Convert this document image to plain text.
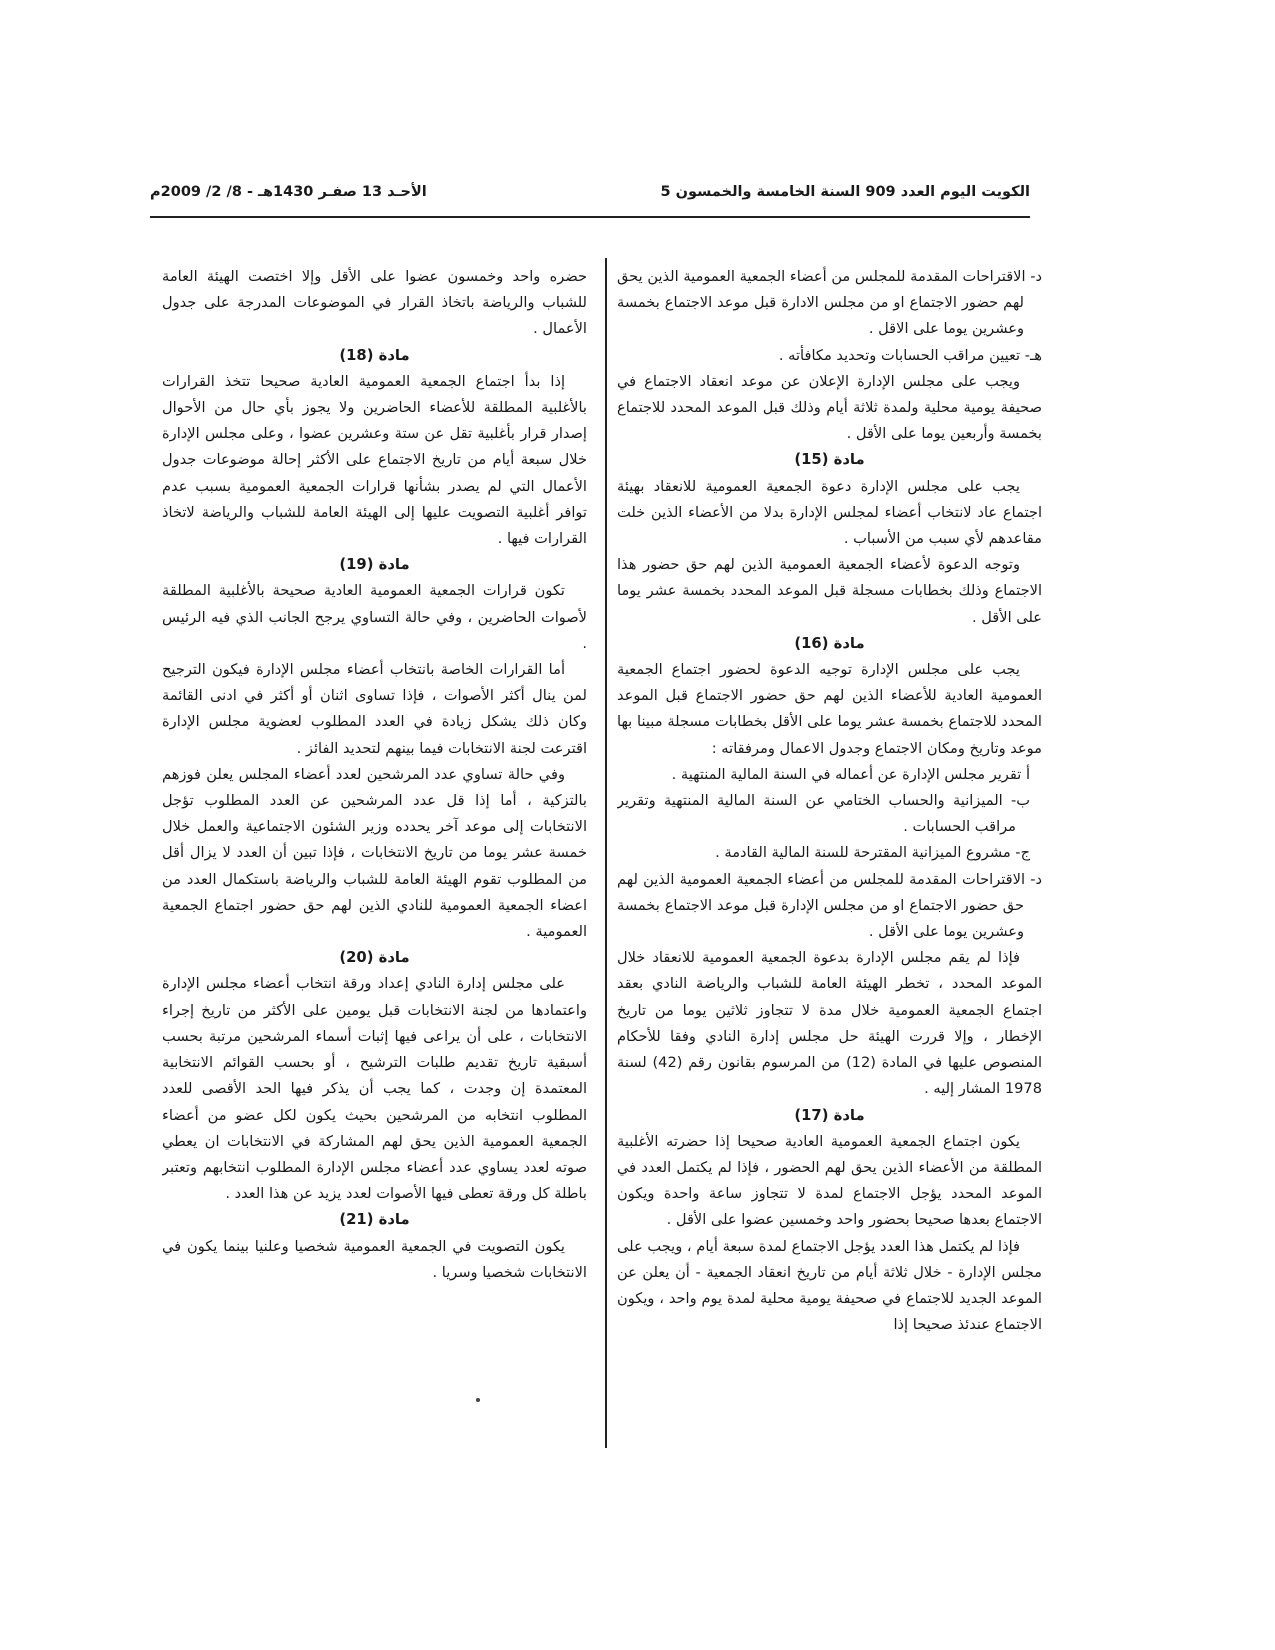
الكويت اليوم العدد 909 السنة الخامسة والخمسون 5
الأحـد 13 صفـر 1430هـ - 8/ 2/ 2009م

د- الاقتراحات المقدمة للمجلس من أعضاء الجمعية العمومية الذين يحق لهم حضور الاجتماع او من مجلس الادارة قبل موعد الاجتماع بخمسة وعشرين يوما على الاقل .

هـ- تعيين مراقب الحسابات وتحديد مكافأته .

ويجب على مجلس الإدارة الإعلان عن موعد انعقاد الاجتماع في صحيفة يومية محلية ولمدة ثلاثة أيام وذلك قبل الموعد المحدد للاجتماع بخمسة وأربعين يوما على الأقل .

مادة (15)

يجب على مجلس الإدارة دعوة الجمعية العمومية للانعقاد بهيئة اجتماع عاد لانتخاب أعضاء لمجلس الإدارة بدلا من الأعضاء الذين خلت مقاعدهم لأي سبب من الأسباب .

وتوجه الدعوة لأعضاء الجمعية العمومية الذين لهم حق حضور هذا الاجتماع وذلك بخطابات مسجلة قبل الموعد المحدد بخمسة عشر يوما على الأقل .

مادة (16)

يجب على مجلس الإدارة توجيه الدعوة لحضور اجتماع الجمعية العمومية العادية للأعضاء الذين لهم حق حضور الاجتماع قبل الموعد المحدد للاجتماع بخمسة عشر يوما على الأقل بخطابات مسجلة مبينا بها موعد وتاريخ ومكان الاجتماع وجدول الاعمال ومرفقاته :

أ تقرير مجلس الإدارة عن أعماله في السنة المالية المنتهية .

ب- الميزانية والحساب الختامي عن السنة المالية المنتهية وتقرير مراقب الحسابات .

ج- مشروع الميزانية المقترحة للسنة المالية القادمة .

د- الاقتراحات المقدمة للمجلس من أعضاء الجمعية العمومية الذين لهم حق حضور الاجتماع او من مجلس الإدارة قبل موعد الاجتماع بخمسة وعشرين يوما على الأقل .

فإذا لم يقم مجلس الإدارة بدعوة الجمعية العمومية للانعقاد خلال الموعد المحدد ، تخطر الهيئة العامة للشباب والرياضة النادي بعقد اجتماع الجمعية العمومية خلال مدة لا تتجاوز ثلاثين يوما من تاريخ الإخطار ، وإلا قررت الهيئة حل مجلس إدارة النادي وفقا للأحكام المنصوص عليها في المادة (12) من المرسوم بقانون رقم (42) لسنة 1978 المشار إليه .

مادة (17)

يكون اجتماع الجمعية العمومية العادية صحيحا إذا حضرته الأغلبية المطلقة من الأعضاء الذين يحق لهم الحضور ، فإذا لم يكتمل العدد في الموعد المحدد يؤجل الاجتماع لمدة لا تتجاوز ساعة واحدة ويكون الاجتماع بعدها صحيحا بحضور واحد وخمسين عضوا على الأقل .

فإذا لم يكتمل هذا العدد يؤجل الاجتماع لمدة سبعة أيام ، ويجب على مجلس الإدارة - خلال ثلاثة أيام من تاريخ انعقاد الجمعية - أن يعلن عن الموعد الجديد للاجتماع في صحيفة يومية محلية لمدة يوم واحد ، ويكون الاجتماع عندئذ صحيحا إذا

حضره واحد وخمسون عضوا على الأقل وإلا اختصت الهيئة العامة للشباب والرياضة باتخاذ القرار في الموضوعات المدرجة على جدول الأعمال .

مادة (18)

إذا بدأ اجتماع الجمعية العمومية العادية صحيحا تتخذ القرارات بالأغلبية المطلقة للأعضاء الحاضرين ولا يجوز بأي حال من الأحوال إصدار قرار بأغلبية تقل عن ستة وعشرين عضوا ، وعلى مجلس الإدارة خلال سبعة أيام من تاريخ الاجتماع على الأكثر إحالة موضوعات جدول الأعمال التي لم يصدر بشأنها قرارات الجمعية العمومية بسبب عدم توافر أغلبية التصويت عليها إلى الهيئة العامة للشباب والرياضة لاتخاذ القرارات فيها .

مادة (19)

تكون قرارات الجمعية العمومية العادية صحيحة بالأغلبية المطلقة لأصوات الحاضرين ، وفي حالة التساوي يرجح الجانب الذي فيه الرئيس .

أما القرارات الخاصة بانتخاب أعضاء مجلس الإدارة فيكون الترجيح لمن ينال أكثر الأصوات ، فإذا تساوى اثنان أو أكثر في ادنى القائمة وكان ذلك يشكل زيادة في العدد المطلوب لعضوية مجلس الإدارة اقترعت لجنة الانتخابات فيما بينهم لتحديد الفائز .

وفي حالة تساوي عدد المرشحين لعدد أعضاء المجلس يعلن فوزهم بالتزكية ، أما إذا قل عدد المرشحين عن العدد المطلوب تؤجل الانتخابات إلى موعد آخر يحدده وزير الشئون الاجتماعية والعمل خلال خمسة عشر يوما من تاريخ الانتخابات ، فإذا تبين أن العدد لا يزال أقل من المطلوب تقوم الهيئة العامة للشباب والرياضة باستكمال العدد من اعضاء الجمعية العمومية للنادي الذين لهم حق حضور اجتماع الجمعية العمومية .

مادة (20)

على مجلس إدارة النادي إعداد ورقة انتخاب أعضاء مجلس الإدارة واعتمادها من لجنة الانتخابات قبل يومين على الأكثر من تاريخ إجراء الانتخابات ، على أن يراعى فيها إثبات أسماء المرشحين مرتبة بحسب أسبقية تاريخ تقديم طلبات الترشيح ، أو بحسب القوائم الانتخابية المعتمدة إن وجدت ، كما يجب أن يذكر فيها الحد الأقصى للعدد المطلوب انتخابه من المرشحين بحيث يكون لكل عضو من أعضاء الجمعية العمومية الذين يحق لهم المشاركة في الانتخابات ان يعطي صوته لعدد يساوي عدد أعضاء مجلس الإدارة المطلوب انتخابهم وتعتبر باطلة كل ورقة تعطى فيها الأصوات لعدد يزيد عن هذا العدد .

مادة (21)

يكون التصويت في الجمعية العمومية شخصيا وعلنيا بينما يكون في الانتخابات شخصيا وسريا .
